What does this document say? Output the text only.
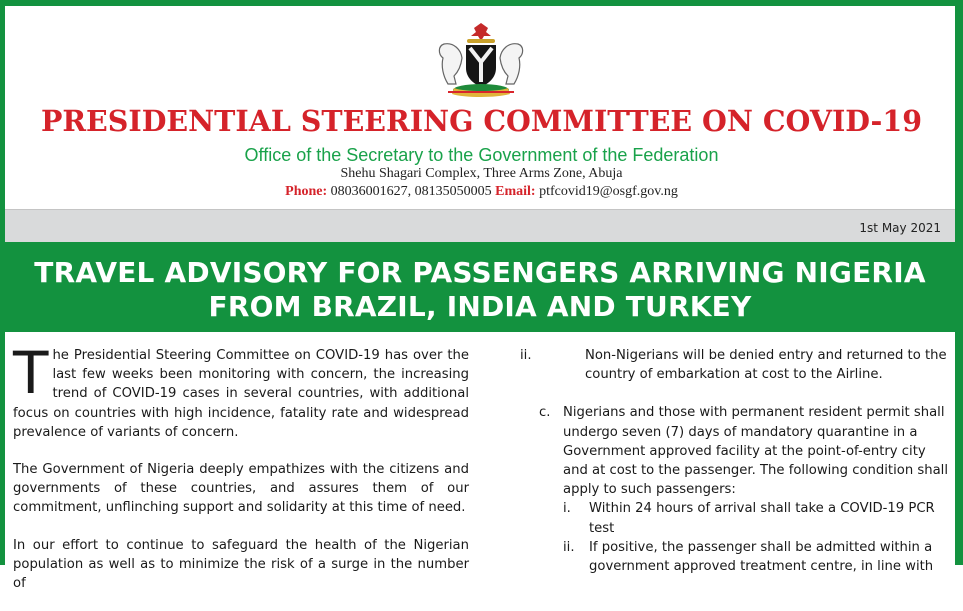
PRESIDENTIAL STEERING COMMITTEE ON COVID-19
Office of the Secretary to the Government of the Federation
Shehu Shagari Complex, Three Arms Zone, Abuja
Phone: 08036001627, 08135050005 Email: ptfcovid19@osgf.gov.ng
1st May 2021
TRAVEL ADVISORY FOR PASSENGERS ARRIVING NIGERIA
FROM BRAZIL, INDIA AND TURKEY

The Presidential Steering Committee on COVID-19 has over the last few weeks been monitoring with concern, the increasing trend of COVID-19 cases in several countries, with additional focus on countries with high incidence, fatality rate and widespread prevalence of variants of concern.

The Government of Nigeria deeply empathizes with the citizens and governments of these countries, and assures them of our commitment, unflinching support and solidarity at this time of need.

In our effort to continue to safeguard the health of the Nigerian population as well as to minimize the risk of a surge in the number of

ii.	Non-Nigerians will be denied entry and returned to the country of embarkation at cost to the Airline.
c. Nigerians and those with permanent resident permit shall undergo seven (7) days of mandatory quarantine in a Government approved facility at the point-of-entry city and at cost to the passenger. The following condition shall apply to such passengers:
i. Within 24 hours of arrival shall take a COVID-19 PCR test
ii. If positive, the passenger shall be admitted within a government approved treatment centre, in line with
